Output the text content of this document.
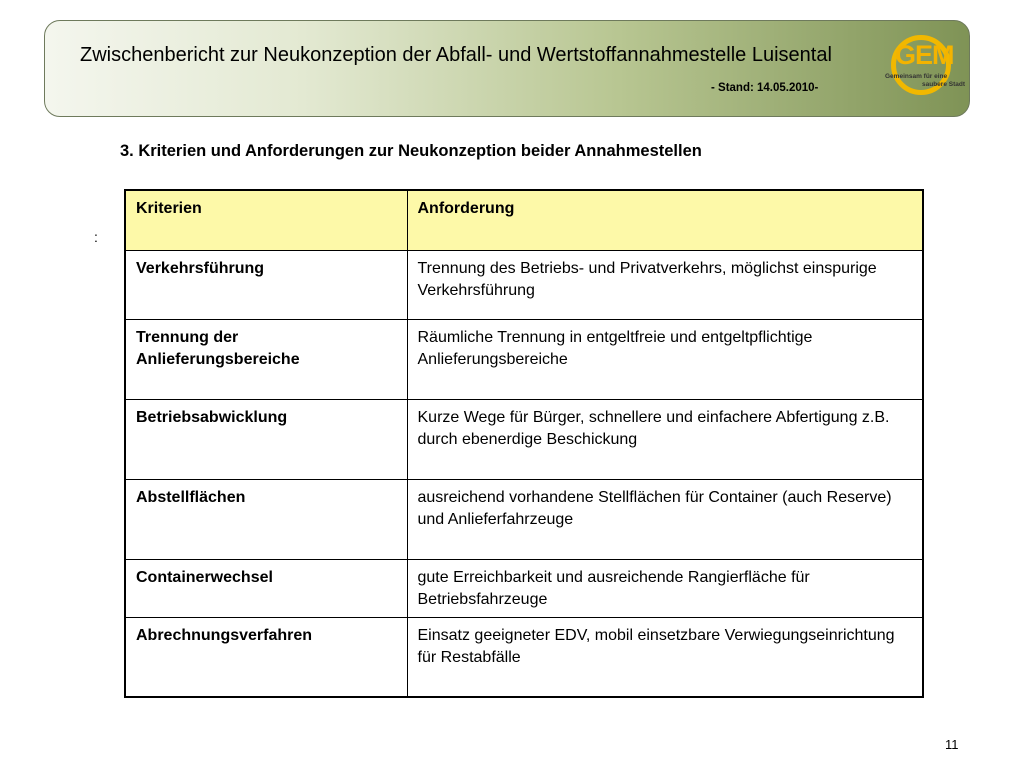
Zwischenbericht zur Neukonzeption der Abfall- und Wertstoffannahmestelle Luisental
- Stand: 14.05.2010-
GEM
Gemeinsam für eine
saubere Stadt
3. Kriterien und Anforderungen zur Neukonzeption beider Annahmestellen
:
Kriterien	Anforderung
Verkehrsführung	Trennung des Betriebs- und Privatverkehrs, möglichst einspurige Verkehrsführung
Trennung der Anlieferungsbereiche	Räumliche Trennung in entgeltfreie und entgeltpflichtige Anlieferungsbereiche
Betriebsabwicklung	Kurze Wege für Bürger, schnellere und einfachere Abfertigung z.B. durch ebenerdige Beschickung
Abstellflächen	ausreichend vorhandene Stellflächen für Container (auch Reserve) und Anlieferfahrzeuge
Containerwechsel	gute Erreichbarkeit und ausreichende Rangierfläche für Betriebsfahrzeuge
Abrechnungsverfahren	Einsatz geeigneter EDV, mobil einsetzbare Verwiegungseinrichtung für Restabfälle
11
